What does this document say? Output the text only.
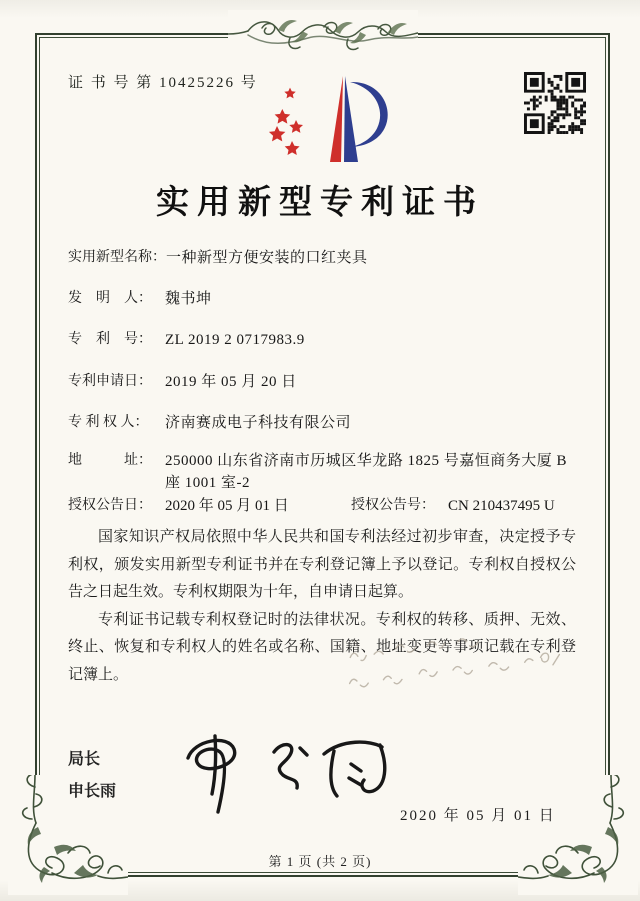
证 书 号 第 10425226 号
实用新型专利证书
实用新型名称： 一种新型方便安装的口红夹具
发　明　人： 魏书坤
专　利　号： ZL 2019 2 0717983.9
专利申请日： 2019 年 05 月 20 日
专 利 权 人：	济南赛成电子科技有限公司
地　　　址： 250000 山东省济南市历城区华龙路 1825 号嘉恒商务大厦 B 座 1001 室-2
授权公告日： 2020 年 05 月 01 日	授权公告号： CN 210437495 U

国家知识产权局依照中华人民共和国专利法经过初步审查，决定授予专利权，颁发实用新型专利证书并在专利登记簿上予以登记。专利权自授权公告之日起生效。专利权期限为十年，自申请日起算。

专利证书记载专利权登记时的法律状况。专利权的转移、质押、无效、终止、恢复和专利权人的姓名或名称、国籍、地址变更等事项记载在专利登记簿上。

局长
申长雨
2020 年 05 月 01 日
第 1 页 (共 2 页)
